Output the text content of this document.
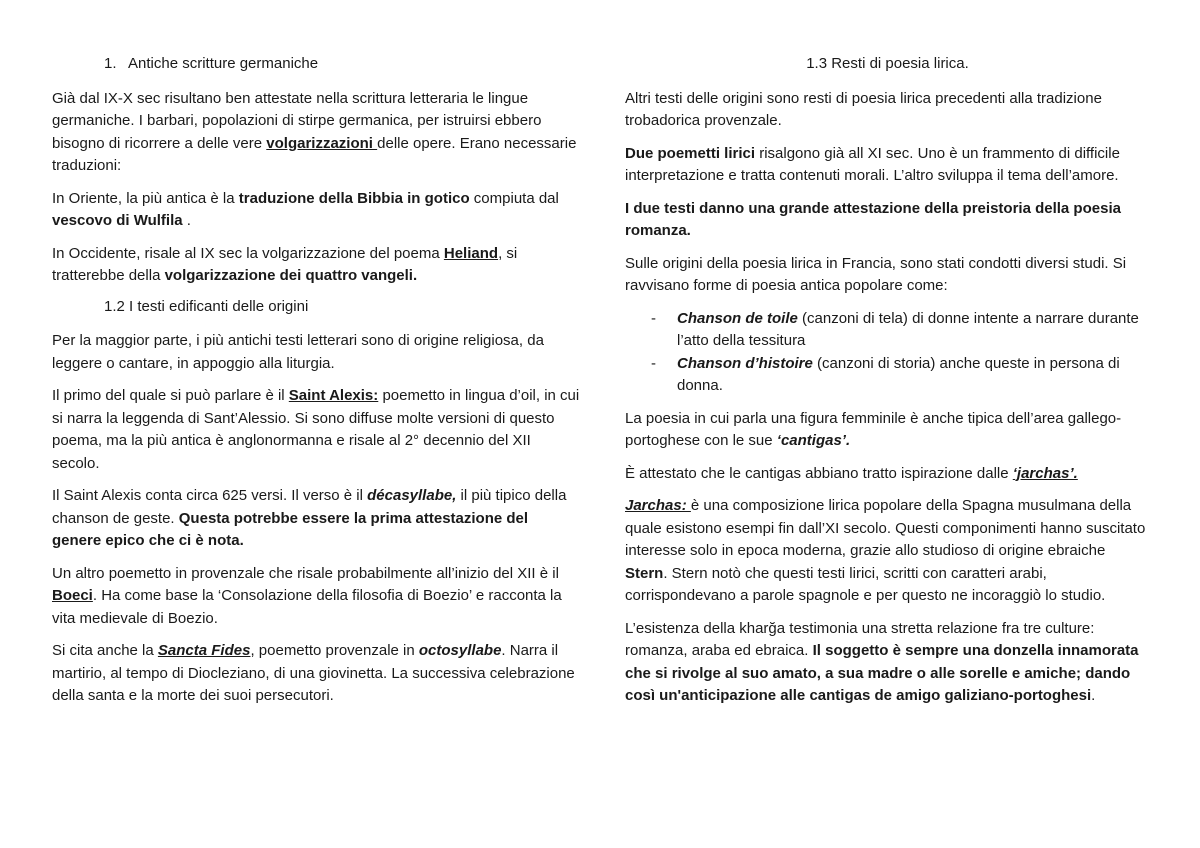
1. Antiche scritture germaniche

Già dal IX-X sec risultano ben attestate nella scrittura letteraria le lingue germaniche. I barbari, popolazioni di stirpe germanica, per istruirsi ebbero bisogno di ricorrere a delle vere volgarizzazioni delle opere. Erano necessarie traduzioni:

In Oriente, la più antica è la traduzione della Bibbia in gotico compiuta dal vescovo di Wulfila .

In Occidente, risale al IX sec la volgarizzazione del poema Heliand, si tratterebbe della volgarizzazione dei quattro vangeli.

1.2 I testi edificanti delle origini

Per la maggior parte, i più antichi testi letterari sono di origine religiosa, da leggere o cantare, in appoggio alla liturgia.

Il primo del quale si può parlare è il Saint Alexis: poemetto in lingua d’oil, in cui si narra la leggenda di Sant’Alessio. Si sono diffuse molte versioni di questo poema, ma la più antica è anglonormanna e risale al 2° decennio del XII secolo.

Il Saint Alexis conta circa 625 versi. Il verso è il décasyllabe, il più tipico della chanson de geste. Questa potrebbe essere la prima attestazione del genere epico che ci è nota.

Un altro poemetto in provenzale che risale probabilmente all’inizio del XII è il Boeci. Ha come base la ‘Consolazione della filosofia di Boezio’ e racconta la vita medievale di Boezio.

Si cita anche la Sancta Fides, poemetto provenzale in octosyllabe. Narra il martirio, al tempo di Diocleziano, di una giovinetta. La successiva celebrazione della santa e la morte dei suoi persecutori.

1.3 Resti di poesia lirica.

Altri testi delle origini sono resti di poesia lirica precedenti alla tradizione trobadorica provenzale.

Due poemetti lirici risalgono già all XI sec. Uno è un frammento di difficile interpretazione e tratta contenuti morali. L’altro sviluppa il tema dell’amore.

I due testi danno una grande attestazione della preistoria della poesia romanza.

Sulle origini della poesia lirica in Francia, sono stati condotti diversi studi. Si ravvisano forme di poesia antica popolare come:

- Chanson de toile (canzoni di tela) di donne intente a narrare durante l’atto della tessitura
- Chanson d’histoire (canzoni di storia) anche queste in persona di donna.

La poesia in cui parla una figura femminile è anche tipica dell’area gallego-portoghese con le sue ‘cantigas’.

È attestato che le cantigas abbiano tratto ispirazione dalle ‘jarchas’.

Jarchas: è una composizione lirica popolare della Spagna musulmana della quale esistono esempi fin dall’XI secolo. Questi componimenti hanno suscitato interesse solo in epoca moderna, grazie allo studioso di origine ebraiche Stern. Stern notò che questi testi lirici, scritti con caratteri arabi, corrispondevano a parole spagnole e per questo ne incoraggiò lo studio.

L’esistenza della kharğa testimonia una stretta relazione fra tre culture: romanza, araba ed ebraica. Il soggetto è sempre una donzella innamorata che si rivolge al suo amato, a sua madre o alle sorelle e amiche; dando così un'anticipazione alle cantigas de amigo galiziano-portoghesi.
